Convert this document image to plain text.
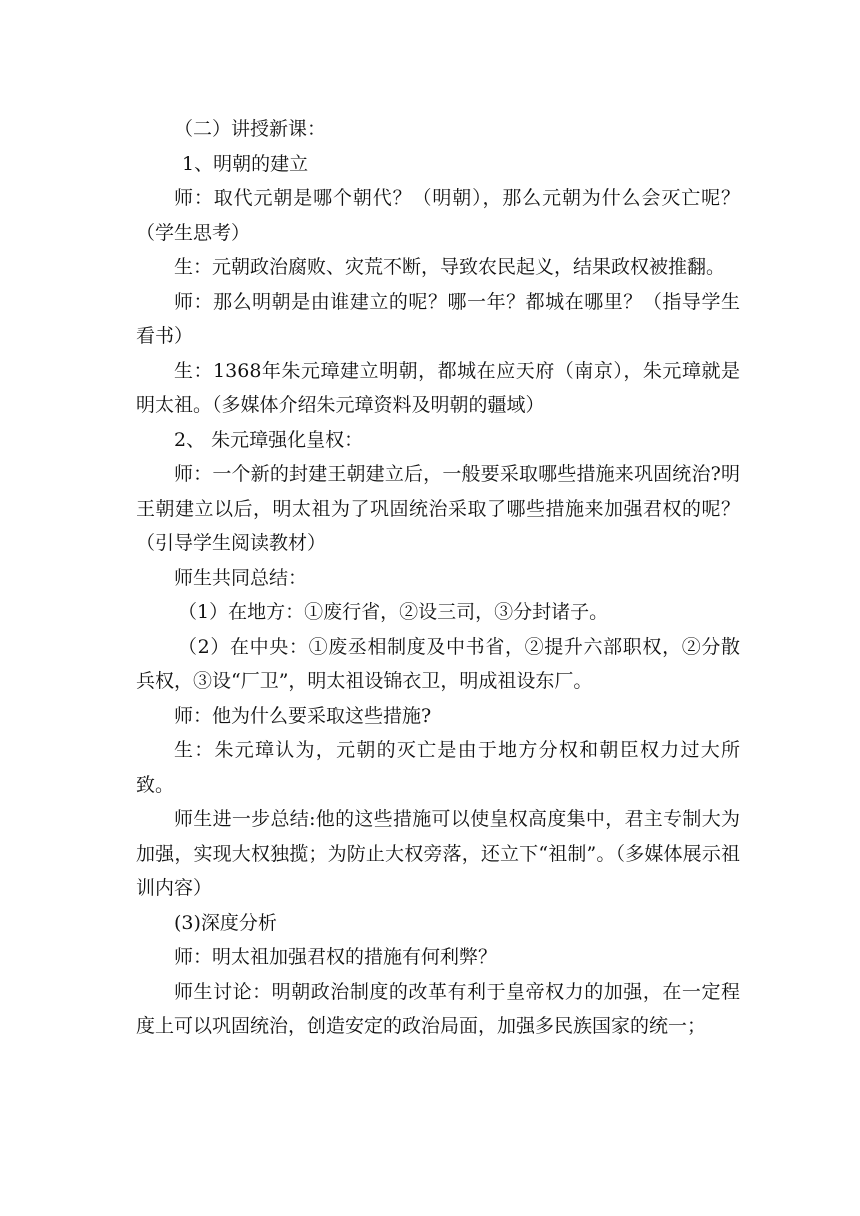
（二）讲授新课：

1、明朝的建立

师：取代元朝是哪个朝代？（明朝），那么元朝为什么会灭亡呢？（学生思考）

生：元朝政治腐败、灾荒不断，导致农民起义，结果政权被推翻。

师：那么明朝是由谁建立的呢？哪一年？都城在哪里？（指导学生看书）

生：1368年朱元璋建立明朝，都城在应天府（南京），朱元璋就是明太祖。（多媒体介绍朱元璋资料及明朝的疆域）

2、 朱元璋强化皇权：

师：一个新的封建王朝建立后，一般要采取哪些措施来巩固统治?明王朝建立以后，明太祖为了巩固统治采取了哪些措施来加强君权的呢？（引导学生阅读教材）

师生共同总结：

（1）在地方：①废行省，②设三司，③分封诸子。

（2）在中央：①废丞相制度及中书省，②提升六部职权，②分散兵权，③设“厂卫”，明太祖设锦衣卫，明成祖设东厂。

师：他为什么要采取这些措施?

生：朱元璋认为，元朝的灭亡是由于地方分权和朝臣权力过大所致。

师生进一步总结:他的这些措施可以使皇权高度集中，君主专制大为加强，实现大权独揽；为防止大权旁落，还立下“祖制”。（多媒体展示祖训内容）

(3)深度分析

师：明太祖加强君权的措施有何利弊？

师生讨论：明朝政治制度的改革有利于皇帝权力的加强，在一定程度上可以巩固统治，创造安定的政治局面，加强多民族国家的统一；
